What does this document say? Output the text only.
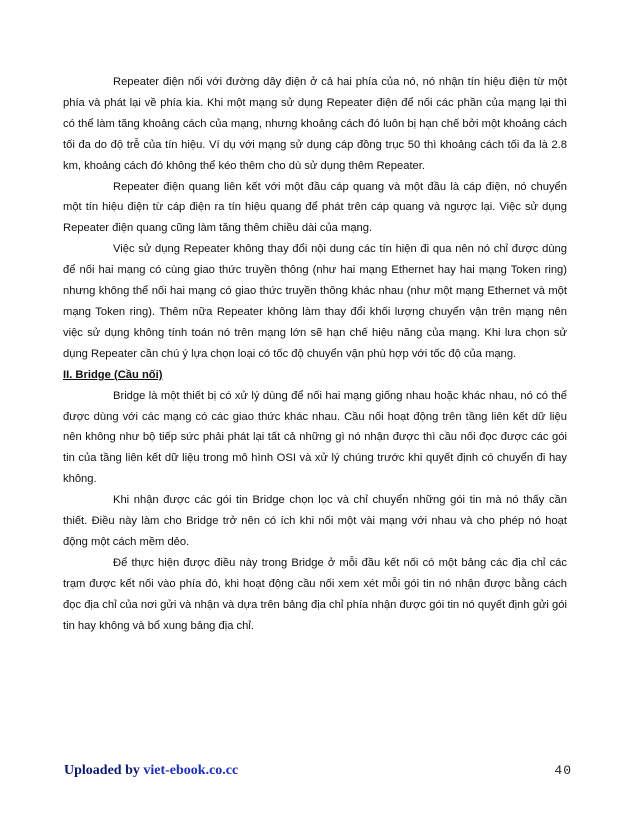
Repeater điện nối với đường dây điện ở cả hai phía của nó, nó nhận tín hiệu điện từ một phía và phát lại về phía kia. Khi một mạng sử dụng Repeater điện để nối các phần của mạng lại thì có thể làm tăng khoảng cách của mạng, nhưng khoảng cách đó luôn bị hạn chế bởi một khoảng cách tối đa do độ trễ của tín hiệu. Ví dụ với mạng sử dụng cáp đồng trục 50 thì khoảng cách tối đa là 2.8 km, khoảng cách đó không thể kéo thêm cho dù sử dụng thêm Repeater.

Repeater điện quang liên kết với một đầu cáp quang và một đầu là cáp điện, nó chuyển một tín hiệu điện từ cáp điện ra tín hiệu quang để phát trên cáp quang và ngược lại. Việc sử dụng Repeater điện quang cũng làm tăng thêm chiều dài của mạng.

Việc sử dụng Repeater không thay đổi nội dung các tín hiện đi qua nên nó chỉ được dùng để nối hai mạng có cùng giao thức truyền thông (như hai mạng Ethernet hay hai mạng Token ring) nhưng không thể nối hai mạng có giao thức truyền thông khác nhau (như một mạng Ethernet và một mạng Token ring). Thêm nữa Repeater không làm thay đổi khối lượng chuyển vận trên mạng nên việc sử dụng không tính toán nó trên mạng lớn sẽ hạn chế hiệu năng của mạng. Khi lưa chọn sử dụng Repeater cần chú ý lựa chọn loại có tốc độ chuyển vận phù hợp với tốc độ của mạng.

II. Bridge (Cầu nối)

Bridge là một thiết bị có xử lý dùng để nối hai mạng giống nhau hoặc khác nhau, nó có thể được dùng với các mạng có các giao thức khác nhau. Cầu nối hoạt động trên tầng liên kết dữ liệu nên không như bộ tiếp sức phải phát lại tất cả những gì nó nhận được thì cầu nối đọc được các gói tin của tầng liên kết dữ liệu trong mô hình OSI và xử lý chúng trước khi quyết định có chuyển đi hay không.

Khi nhận được các gói tin Bridge chọn lọc và chỉ chuyển những gói tin mà nó thấy cần thiết. Điều này làm cho Bridge trở nên có ích khi nối một vài mạng với nhau và cho phép nó hoạt động một cách mềm dẻo.

Để thực hiện được điều này trong Bridge ở mỗi đầu kết nối có một bảng các địa chỉ các trạm được kết nối vào phía đó, khi hoạt động cầu nối xem xét mỗi gói tin nó nhận được bằng cách đọc địa chỉ của nơi gửi và nhận và dựa trên bảng địa chỉ phía nhận được gói tin nó quyết định gửi gói tin hay không và bổ xung bảng địa chỉ.

Uploaded by viet-ebook.co.cc	40
